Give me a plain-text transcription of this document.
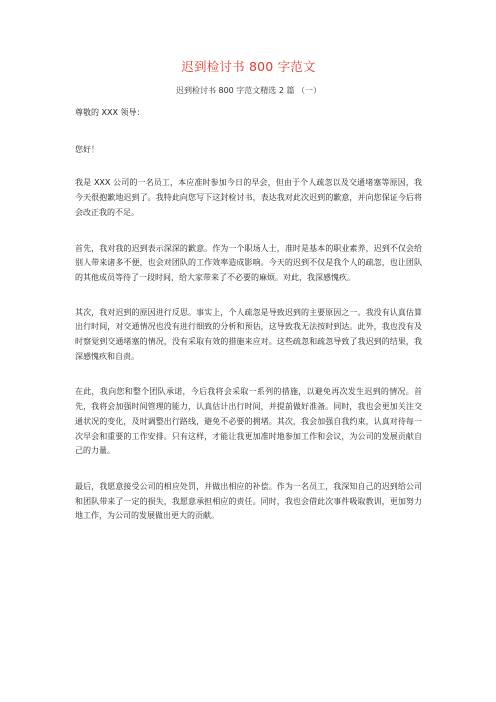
迟到检讨书 800 字范文
迟到检讨书 800 字范文精选 2 篇 （一）

尊敬的 XXX 领导：

您好！

我是 XXX 公司的一名员工，本应准时参加今日的早会，但由于个人疏忽以及交通堵塞等原因，我今天很抱歉地迟到了。我特此向您写下这封检讨书，表达我对此次迟到的歉意，并向您保证今后将会改正我的不足。

首先，我对我的迟到表示深深的歉意。作为一个职场人士，准时是基本的职业素养，迟到不仅会给别人带来诸多不便，也会对团队的工作效率造成影响。今天的迟到不仅是我个人的疏忽，也让团队的其他成员等待了一段时间，给大家带来了不必要的麻烦。对此，我深感愧疚。

其次，我对迟到的原因进行反思。事实上，个人疏忽是导致迟到的主要原因之一。我没有认真估算出行时间，对交通情况也没有进行细致的分析和预估，这导致我无法按时到达。此外，我也没有及时察觉到交通堵塞的情况，没有采取有效的措施来应对。这些疏忽和疏忽导致了我迟到的结果，我深感愧疚和自责。

在此，我向您和整个团队承诺，今后我将会采取一系列的措施，以避免再次发生迟到的情况。首先，我将会加强时间管理的能力，认真估计出行时间，并提前做好准备。同时，我也会更加关注交通状况的变化，及时调整出行路线，避免不必要的拥堵。其次，我会加强自我约束，认真对待每一次早会和重要的工作安排。只有这样，才能让我更加准时地参加工作和会议，为公司的发展贡献自己的力量。

最后，我愿意接受公司的相应处罚，并做出相应的补偿。作为一名员工，我深知自己的迟到给公司和团队带来了一定的损失，我愿意承担相应的责任。同时，我也会借此次事件吸取教训，更加努力地工作，为公司的发展做出更大的贡献。
